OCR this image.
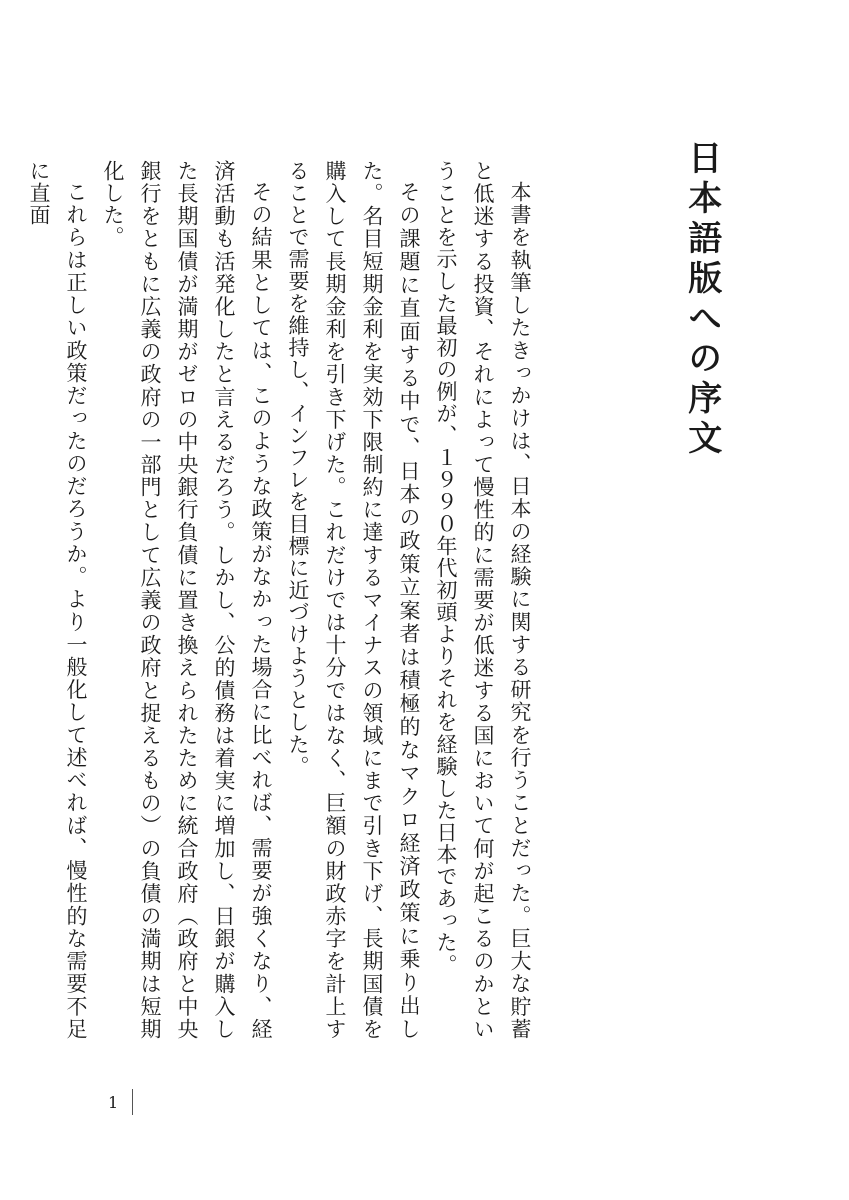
日本語版への序文

本書を執筆したきっかけは、日本の経験に関する研究を行うことだった。巨大な貯蓄と低迷する投資、それによって慢性的に需要が低迷する国において何が起こるのかということを示した最初の例が、１９９０年代初頭よりそれを経験した日本であった。

その課題に直面する中で、日本の政策立案者は積極的なマクロ経済政策に乗り出した。名目短期金利を実効下限制約に達するマイナスの領域にまで引き下げ、長期国債を購入して長期金利を引き下げた。これだけでは十分ではなく、巨額の財政赤字を計上することで需要を維持し、インフレを目標に近づけようとした。

その結果としては、このような政策がなかった場合に比べれば、需要が強くなり、経済活動も活発化したと言えるだろう。しかし、公的債務は着実に増加し、日銀が購入した長期国債が満期がゼロの中央銀行負債に置き換えられたために統合政府（政府と中央銀行をともに広義の政府の一部門として広義の政府と捉えるもの）の負債の満期は短期化した。

これらは正しい政策だったのだろうか。より一般化して述べれば、慢性的な需要不足に直面

1
